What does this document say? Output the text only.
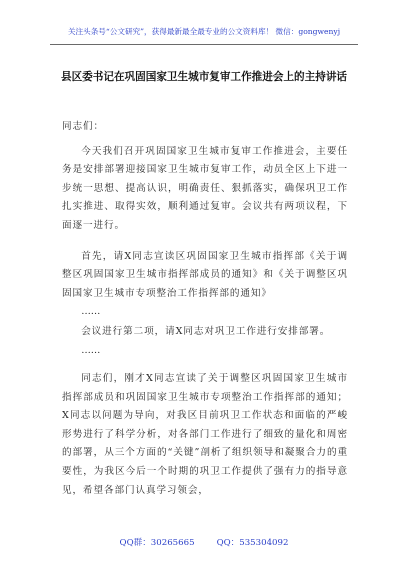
关注头条号“公文研究”，获得最新最全最专业的公文资料库！ 微信：gongwenyj
县区委书记在巩固国家卫生城市复审工作推进会上的主持讲话

同志们：

今天我们召开巩固国家卫生城市复审工作推进会，主要任务是安排部署迎接国家卫生城市复审工作，动员全区上下进一步统一思想、提高认识，明确责任、狠抓落实，确保巩卫工作扎实推进、取得实效，顺利通过复审。会议共有两项议程，下面逐一进行。

首先，请X同志宣读区巩固国家卫生城市指挥部《关于调整区巩固国家卫生城市指挥部成员的通知》和《关于调整区巩固国家卫生城市专项整治工作指挥部的通知》

……

会议进行第二项，请X同志对巩卫工作进行安排部署。

……

同志们，刚才X同志宣读了关于调整区巩固国家卫生城市指挥部成员和巩固国家卫生城市专项整治工作指挥部的通知；X同志以问题为导向，对我区目前巩卫工作状态和面临的严峻形势进行了科学分析，对各部门工作进行了细致的量化和周密的部署，从三个方面的“关键”剖析了组织领导和凝聚合力的重要性，为我区今后一个时期的巩卫工作提供了强有力的指导意见，希望各部门认真学习领会，

QQ群：30265665	QQ：535304092
